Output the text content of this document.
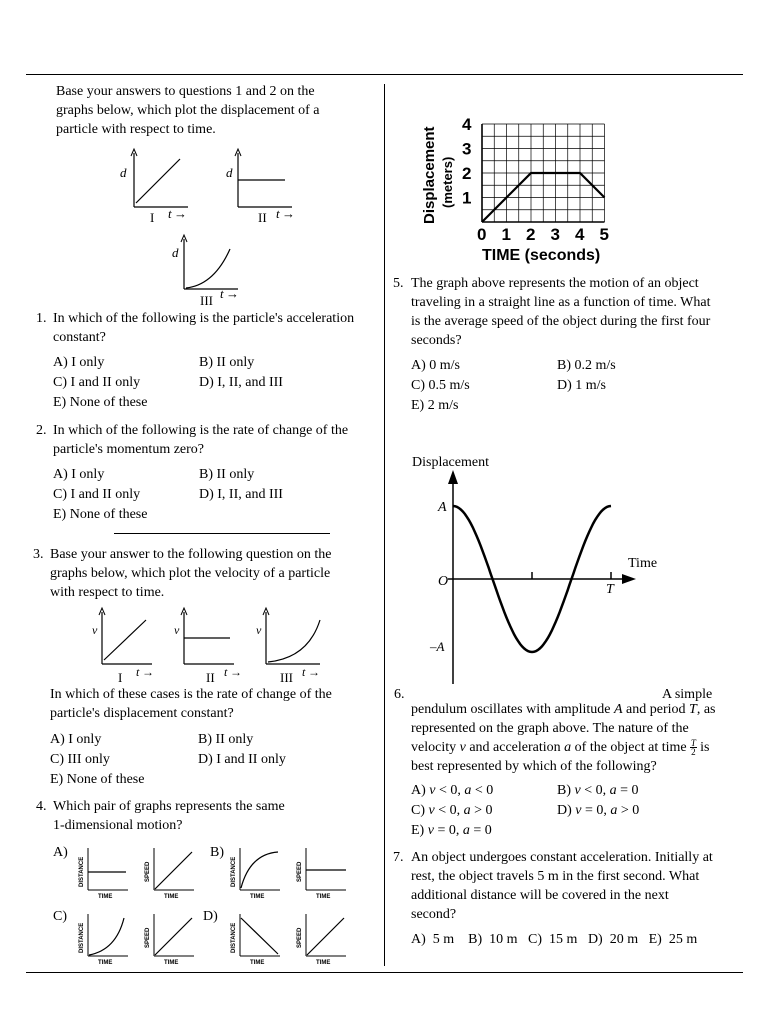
Base your answers to questions 1 and 2 on the
graphs below, which plot the displacement of a
particle with respect to time.
d
I t →
d
II t →
d
III t →
1. In which of the following is the particle's acceleration
constant?
A) I only	B) II only
C) I and II only	D) I, II, and III
E) None of these
2. In which of the following is the rate of change of the
particle's momentum zero?
A) I only	B) II only
C) I and II only	D) I, II, and III
E) None of these
3. Base your answer to the following question on the
graphs below, which plot the velocity of a particle
with respect to time.
v
I t →
v
II t →
v
III t →
In which of these cases is the rate of change of the
particle's displacement constant?
A) I only	B) II only
C) III only	D) I and II only
E) None of these
4. Which pair of graphs represents the same
1-dimensional motion?
A)	B)
C)	D)
DISTANCE
TIME
SPEED
TIME
DISTANCE
TIME
SPEED
TIME
DISTANCE
TIME
SPEED
TIME
DISTANCE
TIME
SPEED
TIME
1
2
3
4
0 1 2 3 4 5
Displacement (meters)
TIME (seconds)
5. The graph above represents the motion of an object
traveling in a straight line as a function of time. What
is the average speed of the object during the first four
seconds?
A) 0 m/s	B) 0.2 m/s
C) 0.5 m/s	D) 1 m/s
E) 2 m/s
Displacement
Time
A
O
–A
T
6.	A simple
pendulum oscillates with amplitude A and period T, as
represented on the graph above. The nature of the
velocity v and acceleration a of the object at time $\frac{T}{2}$ is
best represented by which of the following?
A) v < 0, a < 0	B) v < 0, a = 0
C) v < 0, a > 0	D) v = 0, a > 0
E) v = 0, a = 0
7. An object undergoes constant acceleration. Initially at
rest, the object travels 5 m in the first second. What
additional distance will be covered in the next
second?
A)  5 m    B)  10 m   C)  15 m   D)  20 m   E)  25 m
